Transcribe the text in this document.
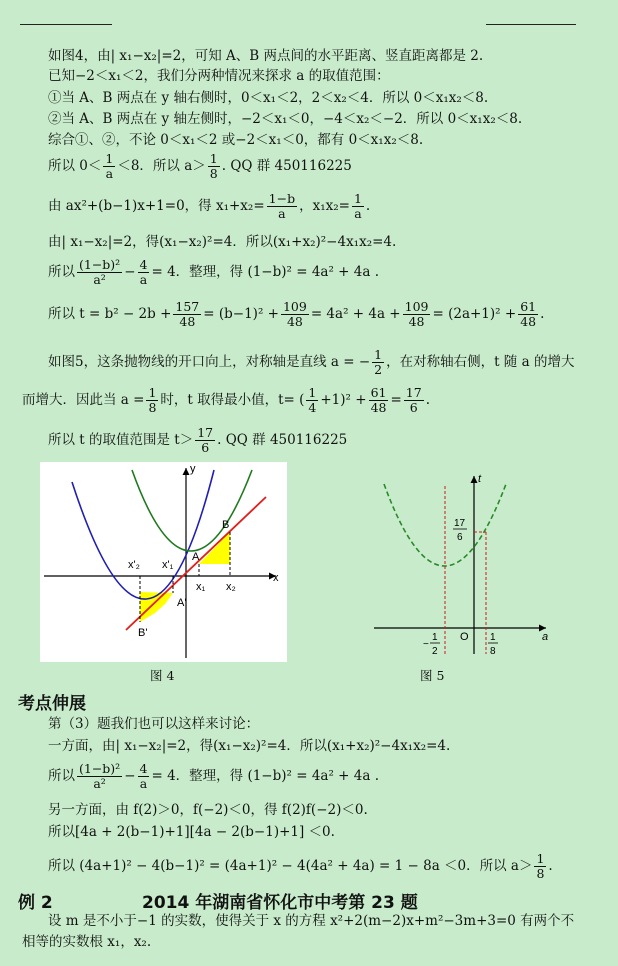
如图4，由| x₁−x₂|=2，可知 A、B 两点间的水平距离、竖直距离都是 2.
已知−2＜x₁＜2，我们分两种情况来探求 a 的取值范围：
①当 A、B 两点在 y 轴右侧时，0＜x₁＜2，2＜x₂＜4．所以 0＜x₁x₂＜8.
②当 A、B 两点在 y 轴左侧时，−2＜x₁＜0，−4＜x₂＜−2．所以 0＜x₁x₂＜8.
综合①、②，不论 0＜x₁＜2 或−2＜x₁＜0，都有 0＜x₁x₂＜8.
所以 $0< \frac{1}{a} <8$．所以 $a> \frac{1}{8}$ . QQ 群 450116225
由 ax²+(b−1)x+1=0，得 $x_1+x_2= \frac{1-b}{a}$ ，$x_1x_2= \frac{1}{a}$ .
由| x₁−x₂|=2，得(x₁−x₂)²=4．所以(x₁+x₂)²−4x₁x₂=4.
所以 $\frac{\text{(1−b)²}}{\text{a²}} - \frac{4}{a} = 4$．整理，得 (1−b)² = 4a² + 4a .
所以 $t = b^2 - 2b + \frac{157}{48} = (b-1)^2 + \frac{109}{48} = 4a^2 + 4a + \frac{109}{48} = (2a+1)^2 + \frac{61}{48}$ .
如图5，这条抛物线的开口向上，对称轴是直线 a = − $\frac{1}{2}$ ，在对称轴右侧，t 随 a 的增大
而增大．因此当 $a = \frac{1}{8}$ 时，t 取得最小值，t= ( $\frac{1}{4} +1)^2 + \frac{61}{48} = \frac{17}{6}$ .
所以 t 的取值范围是 $t> \frac{17}{6}$ . QQ 群 450116225
y
x
B
A
A'
B'
x'₂ x'₁
x₁ x₂
图 4
t
a
O
17
6
−
1
2
1
8
图 5
考点伸展
第（3）题我们也可以这样来讨论：
一方面，由| x₁−x₂|=2，得(x₁−x₂)²=4．所以(x₁+x₂)²−4x₁x₂=4.
所以 $\frac{\text{(1−b)²}}{\text{a²}} - \frac{4}{a} = 4$．整理，得 (1−b)² = 4a² + 4a .
另一方面，由 f(2)＞0，f(−2)＜0，得 f(2)f(−2)＜0.
所以[4a + 2(b−1)+1][4a − 2(b−1)+1] ＜0.
所以 (4a+1)² − 4(b−1)² = (4a+1)² − 4(4a² + 4a) = 1 − 8a ＜0．所以 $a> \frac{1}{8}$ .
例 2	2014 年湖南省怀化市中考第 23 题
设 m 是不小于−1 的实数，使得关于 x 的方程 x²+2(m−2)x+m²−3m+3=0 有两个不
相等的实数根 x₁，x₂.
